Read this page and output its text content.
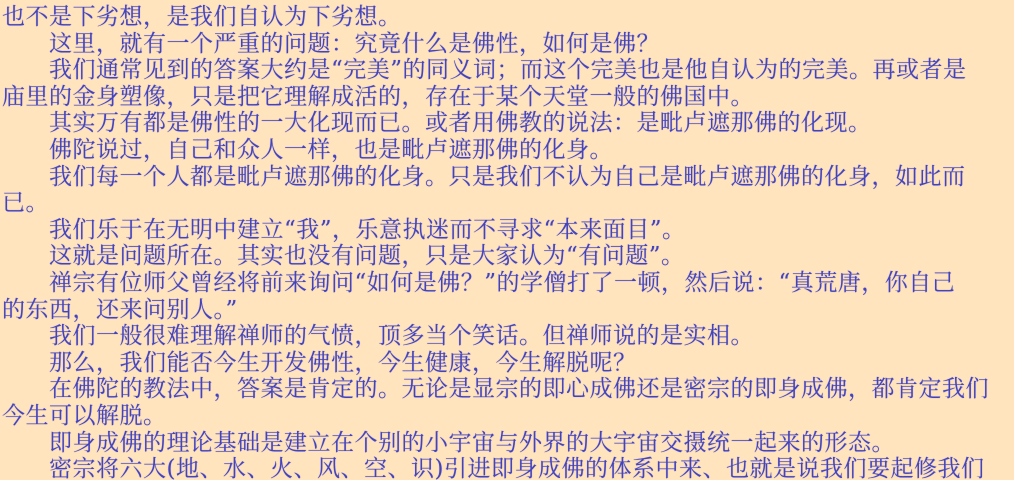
也不是下劣想，是我们自认为下劣想。
　　这里，就有一个严重的问题：究竟什么是佛性，如何是佛？
　　我们通常见到的答案大约是“完美”的同义词；而这个完美也是他自认为的完美。再或者是
庙里的金身塑像，只是把它理解成活的，存在于某个天堂一般的佛国中。
　　其实万有都是佛性的一大化现而已。或者用佛教的说法：是毗卢遮那佛的化现。
　　佛陀说过，自己和众人一样，也是毗卢遮那佛的化身。
　　我们每一个人都是毗卢遮那佛的化身。只是我们不认为自己是毗卢遮那佛的化身，如此而
已。
　　我们乐于在无明中建立“我”，乐意执迷而不寻求“本来面目”。
　　这就是问题所在。其实也没有问题，只是大家认为“有问题”。
　　禅宗有位师父曾经将前来询问“如何是佛？”的学僧打了一顿，然后说：“真荒唐，你自己
的东西，还来问别人。”
　　我们一般很难理解禅师的气愤，顶多当个笑话。但禅师说的是实相。
　　那么，我们能否今生开发佛性，今生健康，今生解脱呢？
　　在佛陀的教法中，答案是肯定的。无论是显宗的即心成佛还是密宗的即身成佛，都肯定我们
今生可以解脱。
　　即身成佛的理论基础是建立在个别的小宇宙与外界的大宇宙交摄统一起来的形态。
　　密宗将六大(地、水、火、风、空、识)引进即身成佛的体系中来、也就是说我们要起修我们
